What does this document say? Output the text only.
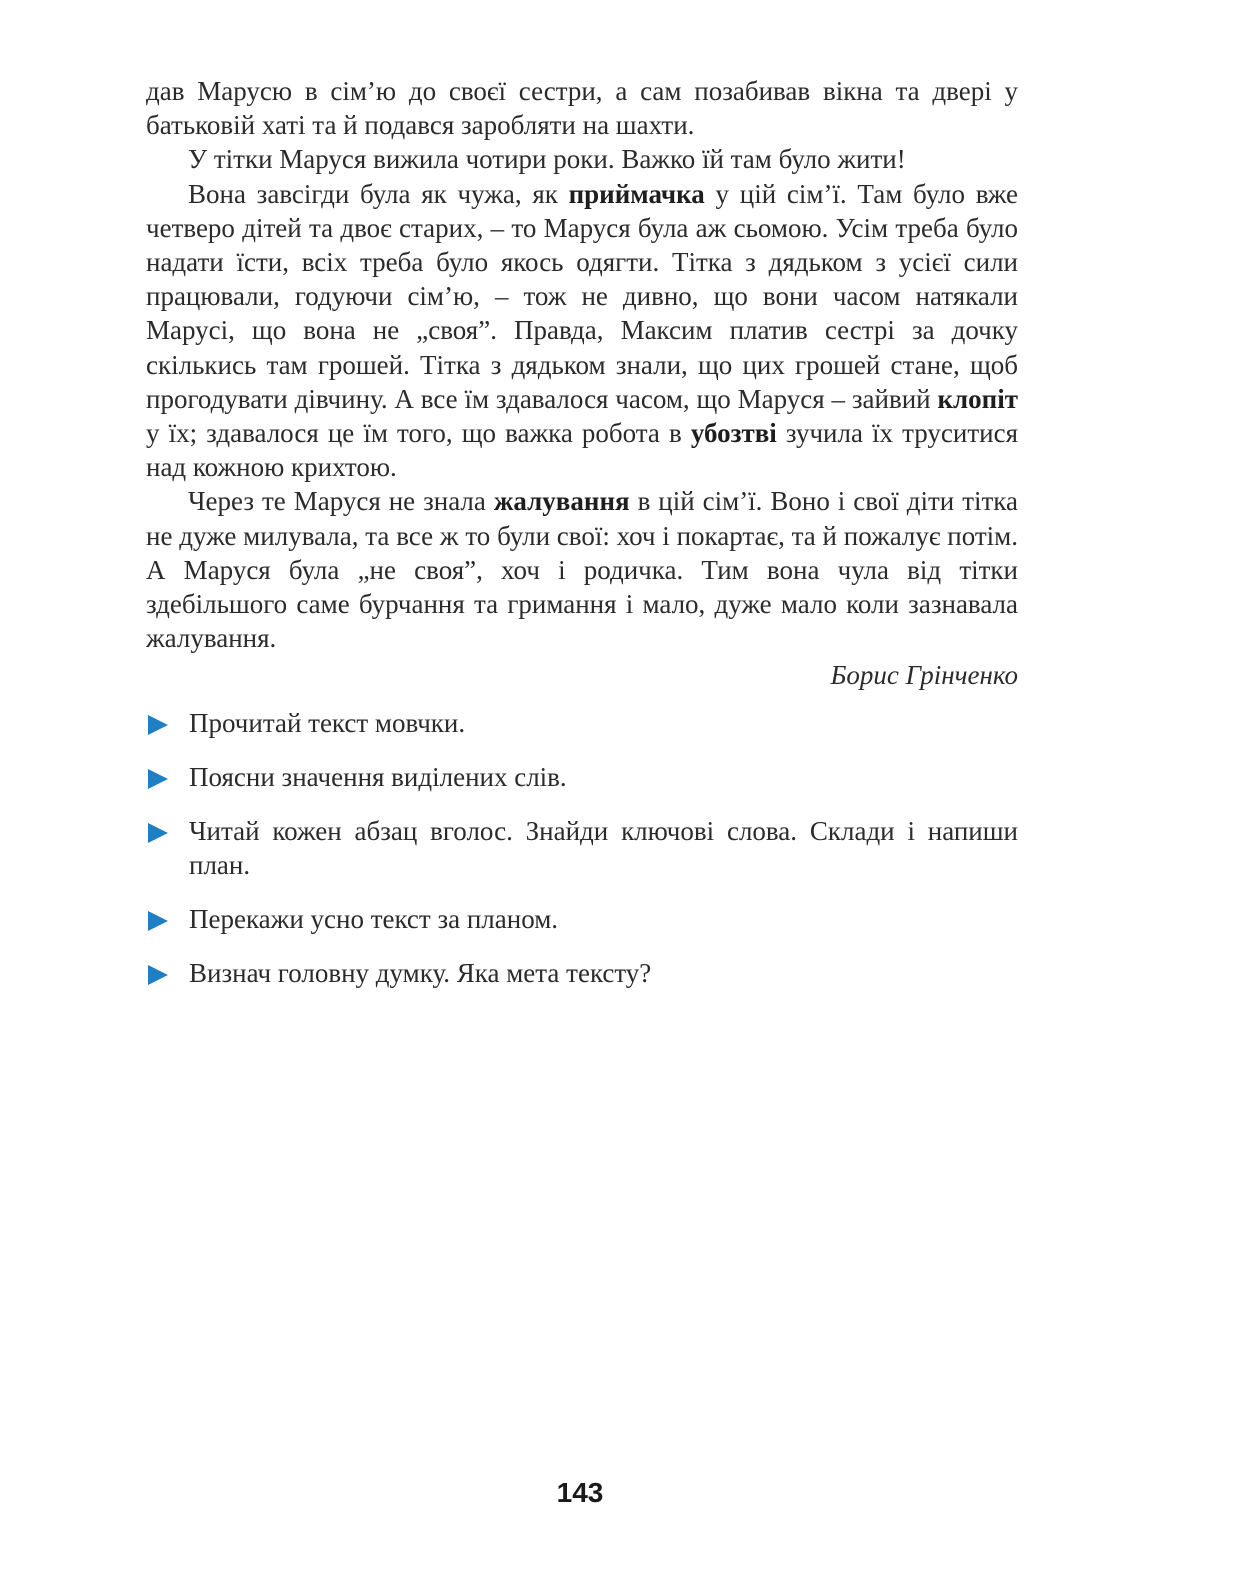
дав Марусю в сім’ю до своєї сестри, а сам позабивав вікна та двері у батьковій хаті та й подався заробляти на шахти.

У тітки Маруся вижила чотири роки. Важко їй там було жити!

Вона завсігди була як чужа, як приймачка у цій сім’ї. Там було вже четверо дітей та двоє старих, – то Маруся була аж сьомою. Усім треба було надати їсти, всіх треба було якось одягти. Тітка з дядьком з усієї сили працювали, годуючи сім’ю, – тож не дивно, що вони часом натякали Марусі, що вона не „своя”. Правда, Максим платив сестрі за дочку скількись там грошей. Тітка з дядьком знали, що цих грошей стане, щоб прогодувати дівчину. А все їм здавалося часом, що Маруся – зайвий клопіт у їх; здавалося це їм того, що важка робота в убозтві зучила їх труситися над кожною крихтою.

Через те Маруся не знала жалування в цій сім’ї. Воно і свої діти тітка не дуже милувала, та все ж то були свої: хоч і покартає, та й пожалує потім. А Маруся була „не своя”, хоч і родичка. Тим вона чула від тітки здебільшого саме бурчання та гримання і мало, дуже мало коли зазнавала жалування.

Борис Грінченко
Прочитай текст мовчки.
Поясни значення виділених слів.
Читай кожен абзац вголос. Знайди ключові слова. Склади і напиши план.
Перекажи усно текст за планом.
Визнач головну думку. Яка мета тексту?
143
